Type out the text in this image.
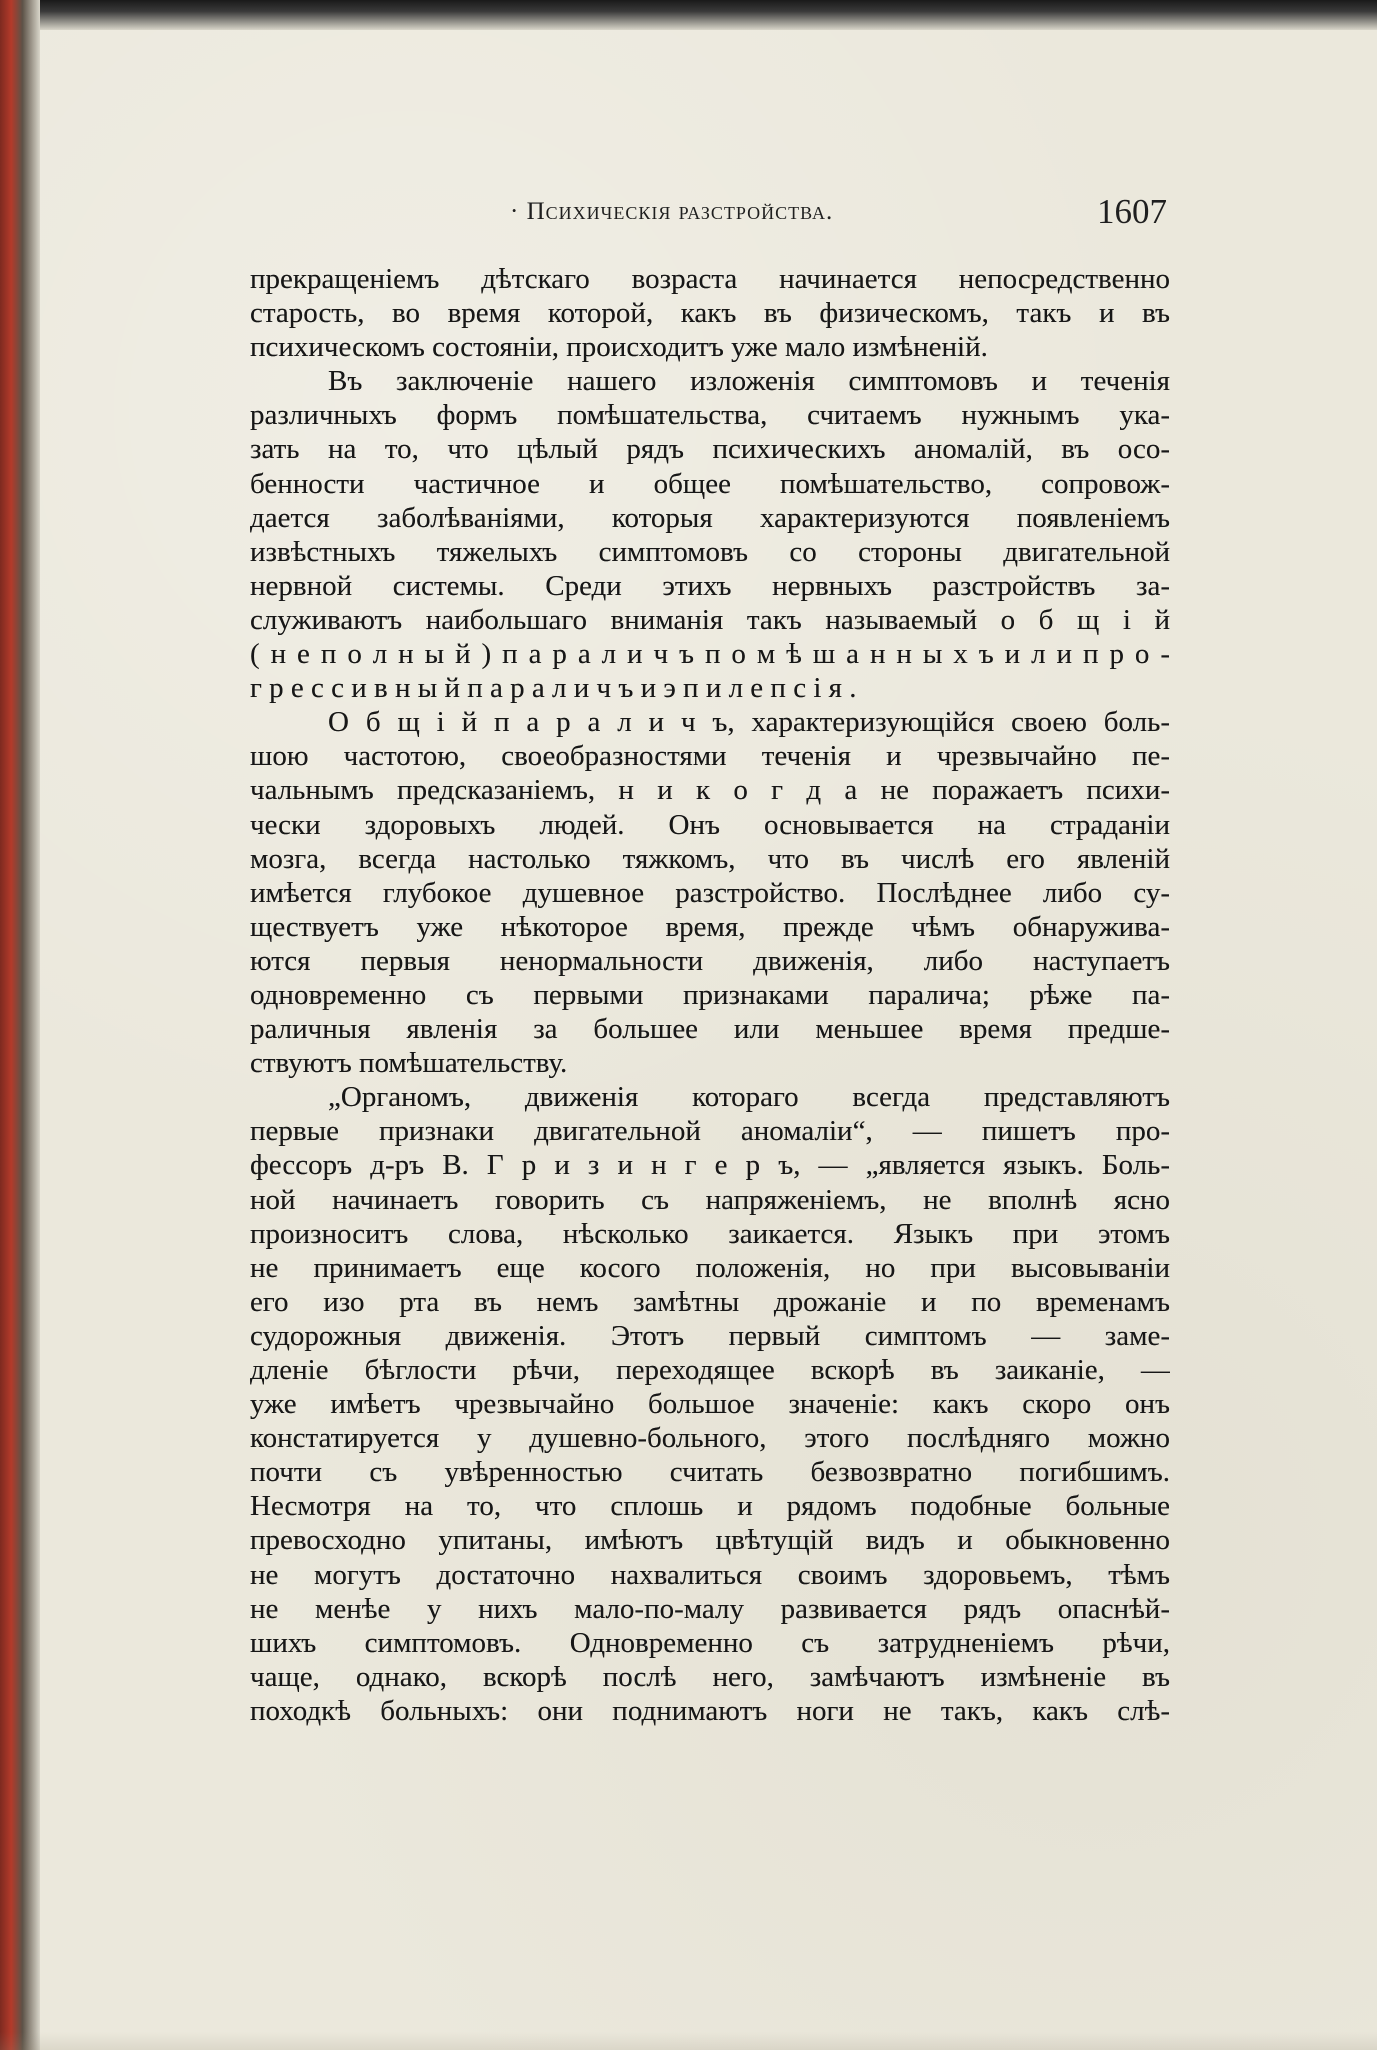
· Психическія разстройства.	1607
прекращеніемъ дѣтскаго возраста начинается непосредственно
старость, во время которой, какъ въ физическомъ, такъ и въ
психическомъ состояніи, происходитъ уже мало измѣненій.
Въ заключеніе нашего изложенія симптомовъ и теченія
различныхъ формъ помѣшательства, считаемъ нужнымъ ука-
зать на то, что цѣлый рядъ психическихъ аномалій, въ осо-
бенности частичное и общее помѣшательство, сопровож-
дается заболѣваніями, которыя характеризуются появленіемъ
извѣстныхъ тяжелыхъ симптомовъ со стороны двигательной
нервной системы. Среди этихъ нервныхъ разстройствъ за-
служиваютъ наибольшаго вниманія такъ называемый о б щ і й
( н е п о л н ы й ) п а р а л и ч ъ п о м ѣ ш а н н ы х ъ и л и п р о -
г р е с с и в н ы й п а р а л и ч ъ и э п и л е п с і я .
О б щ і й п а р а л и ч ъ, характеризующійся своею боль-
шою частотою, своеобразностями теченія и чрезвычайно пе-
чальнымъ предсказаніемъ, н и к о г д а не поражаетъ психи-
чески здоровыхъ людей. Онъ основывается на страданіи
мозга, всегда настолько тяжкомъ, что въ числѣ его явленій
имѣется глубокое душевное разстройство. Послѣднее либо су-
ществуетъ уже нѣкоторое время, прежде чѣмъ обнаружива-
ются первыя ненормальности движенія, либо наступаетъ
одновременно съ первыми признаками паралича; рѣже па-
раличныя явленія за большее или меньшее время предше-
ствуютъ помѣшательству.
„Органомъ, движенія котораго всегда представляютъ
первые признаки двигательной аномаліи“, — пишетъ про-
фессоръ д-ръ В. Г р и з и н г е р ъ, — „является языкъ. Боль-
ной начинаетъ говорить съ напряженіемъ, не вполнѣ ясно
произноситъ слова, нѣсколько заикается. Языкъ при этомъ
не принимаетъ еще косого положенія, но при высовываніи
его изо рта въ немъ замѣтны дрожаніе и по временамъ
судорожныя движенія. Этотъ первый симптомъ — заме-
дленіе бѣглости рѣчи, переходящее вскорѣ въ заиканіе, —
уже имѣетъ чрезвычайно большое значеніе: какъ скоро онъ
констатируется у душевно-больного, этого послѣдняго можно
почти съ увѣренностью считать безвозвратно погибшимъ.
Несмотря на то, что сплошь и рядомъ подобные больные
превосходно упитаны, имѣютъ цвѣтущій видъ и обыкновенно
не могутъ достаточно нахвалиться своимъ здоровьемъ, тѣмъ
не менѣе у нихъ мало-по-малу развивается рядъ опаснѣй-
шихъ симптомовъ. Одновременно съ затрудненіемъ рѣчи,
чаще, однако, вскорѣ послѣ него, замѣчаютъ измѣненіе въ
походкѣ больныхъ: они поднимаютъ ноги не такъ, какъ слѣ-
